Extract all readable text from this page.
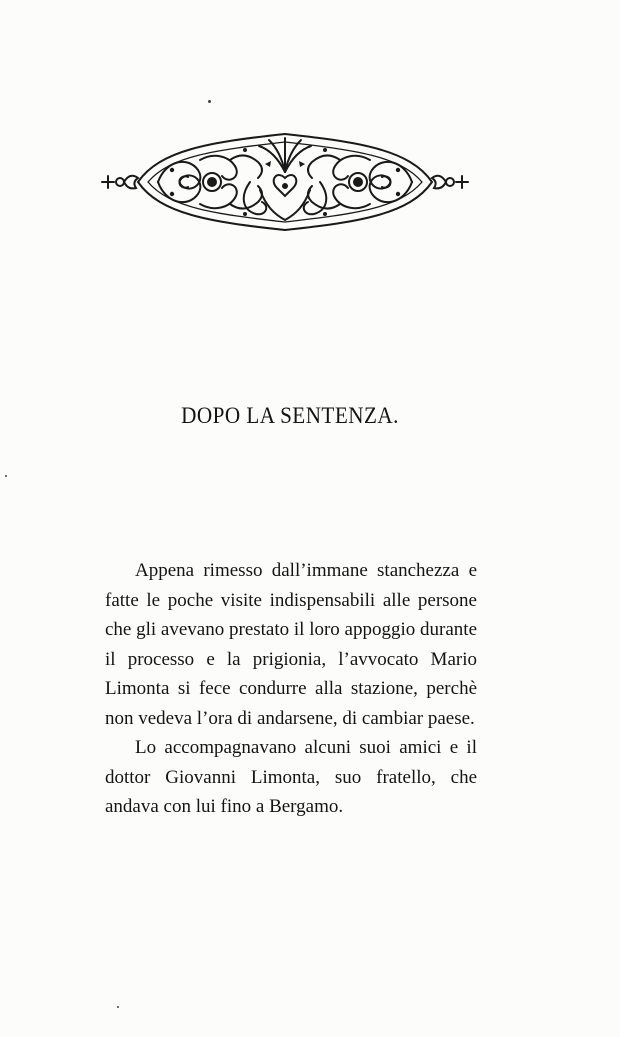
DOPO LA SENTENZA.

Appena rimesso dall’immane stanchezza e fatte le poche visite indispensabili alle persone che gli avevano prestato il loro appoggio durante il processo e la prigionia, l’avvocato Mario Limonta si fece condurre alla stazione, perchè non vedeva l’ora di andarsene, di cambiar paese.

Lo accompagnavano alcuni suoi amici e il dottor Giovanni Limonta, suo fratello, che andava con lui fino a Bergamo.
